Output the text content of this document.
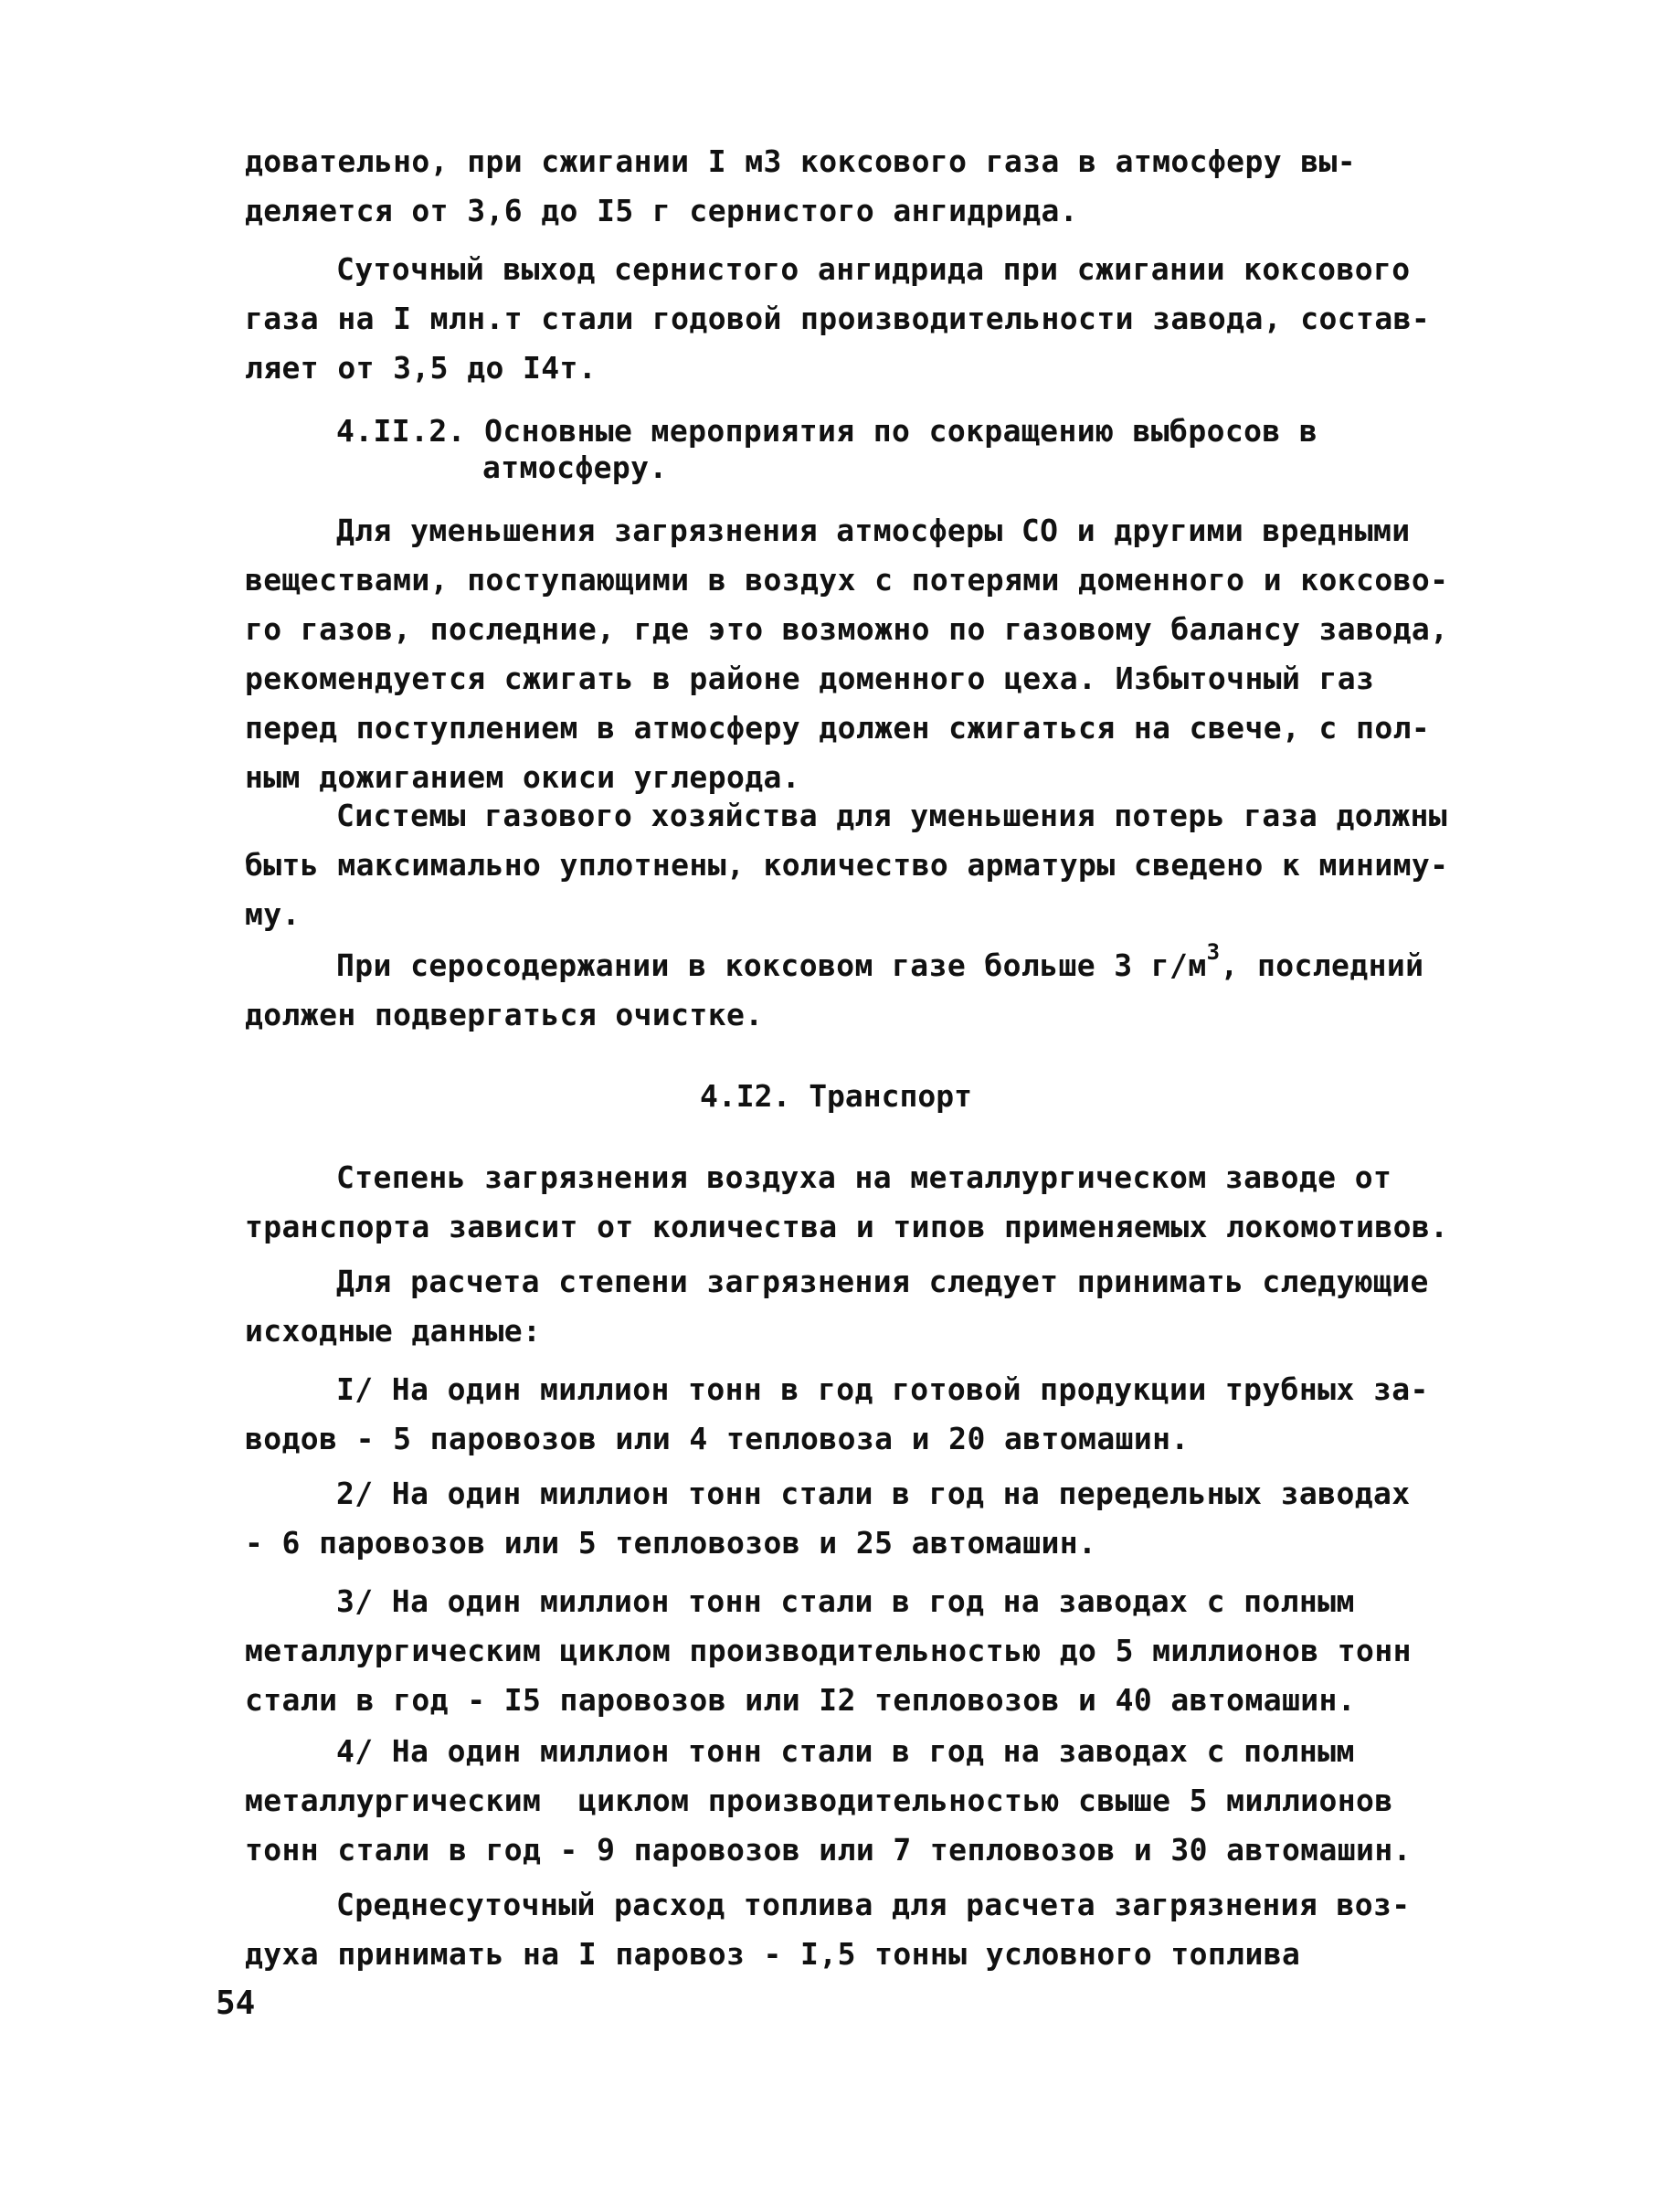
довательно, при сжигании I м3 коксового газа в атмосферу вы-
деляется от 3,6 до I5 г сернистого ангидрида.
Суточный выход сернистого ангидрида при сжигании коксового
газа на I млн.т стали годовой производительности завода, состав-
ляет от 3,5 до I4т.
4.II.2. Основные мероприятия по сокращению выбросов в
атмосферу.
Для уменьшения загрязнения атмосферы СО и другими вредными
веществами, поступающими в воздух с потерями доменного и коксово-
го газов, последние, где это возможно по газовому балансу завода,
рекомендуется сжигать в районе доменного цеха. Избыточный газ
перед поступлением в атмосферу должен сжигаться на свече, с пол-
ным дожиганием окиси углерода.
Системы газового хозяйства для уменьшения потерь газа должны
быть максимально уплотнены, количество арматуры сведено к миниму-
му.
При серосодержании в коксовом газе больше 3 $г/м^3$, последний
должен подвергаться очистке.
4.I2. Транспорт
Степень загрязнения воздуха на металлургическом заводе от
транспорта зависит от количества и типов применяемых локомотивов.
Для расчета степени загрязнения следует принимать следующие
исходные данные:
I/ На один миллион тонн в год готовой продукции трубных за-
водов - 5 паровозов или 4 тепловоза и 20 автомашин.
2/ На один миллион тонн стали в год на передельных заводах
- 6 паровозов или 5 тепловозов и 25 автомашин.
3/ На один миллион тонн стали в год на заводах с полным
металлургическим циклом производительностью до 5 миллионов тонн
стали в год - I5 паровозов или I2 тепловозов и 40 автомашин.
4/ На один миллион тонн стали в год на заводах с полным
металлургическим  циклом производительностью свыше 5 миллионов
тонн стали в год - 9 паровозов или 7 тепловозов и 30 автомашин.
Среднесуточный расход топлива для расчета загрязнения воз-
духа принимать на I паровоз - I,5 тонны условного топлива
54
